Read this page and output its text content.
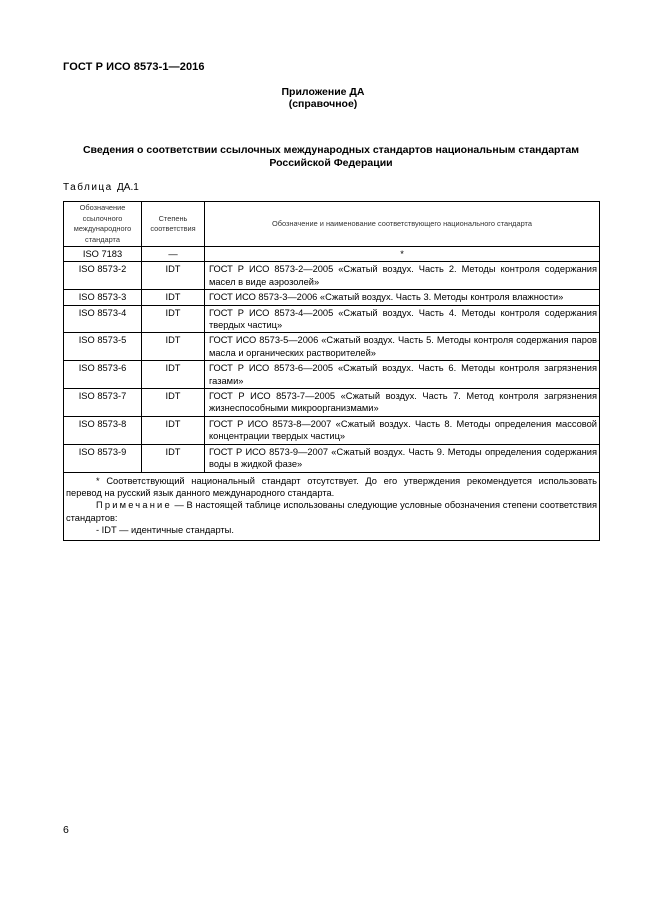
ГОСТ Р ИСО 8573-1—2016
Приложение ДА
(справочное)
Сведения о соответствии ссылочных международных стандартов национальным стандартам Российской Федерации
Таблица ДА.1
Обозначение ссылочного международного стандарта	Степень соответствия	Обозначение и наименование соответствующего национального стандарта
ISO 7183	—	*
ISO 8573-2	IDT	ГОСТ Р ИСО 8573-2—2005 «Сжатый воздух. Часть 2. Методы контроля содержания масел в виде аэрозолей»
ISO 8573-3	IDT	ГОСТ ИСО 8573-3—2006 «Сжатый воздух. Часть 3. Методы контроля влажности»
ISO 8573-4	IDT	ГОСТ Р ИСО 8573-4—2005 «Сжатый воздух. Часть 4. Методы контроля содержания твердых частиц»
ISO 8573-5	IDT	ГОСТ ИСО 8573-5—2006 «Сжатый воздух. Часть 5. Методы контроля содержания паров масла и органических растворителей»
ISO 8573-6	IDT	ГОСТ Р ИСО 8573-6—2005 «Сжатый воздух. Часть 6. Методы контроля загрязнения газами»
ISO 8573-7	IDT	ГОСТ Р ИСО 8573-7—2005 «Сжатый воздух. Часть 7. Метод контроля загрязнения жизнеспособными микроорганизмами»
ISO 8573-8	IDT	ГОСТ Р ИСО 8573-8—2007 «Сжатый воздух. Часть 8. Методы определения массовой концентрации твердых частиц»
ISO 8573-9	IDT	ГОСТ Р ИСО 8573-9—2007 «Сжатый воздух. Часть 9. Методы определения содержания воды в жидкой фазе»

* Соответствующий национальный стандарт отсутствует. До его утверждения рекомендуется использовать перевод на русский язык данного международного стандарта.

Примечание — В настоящей таблице использованы следующие условные обозначения степени соответствия стандартов:

- IDT — идентичные стандарты.		

6
